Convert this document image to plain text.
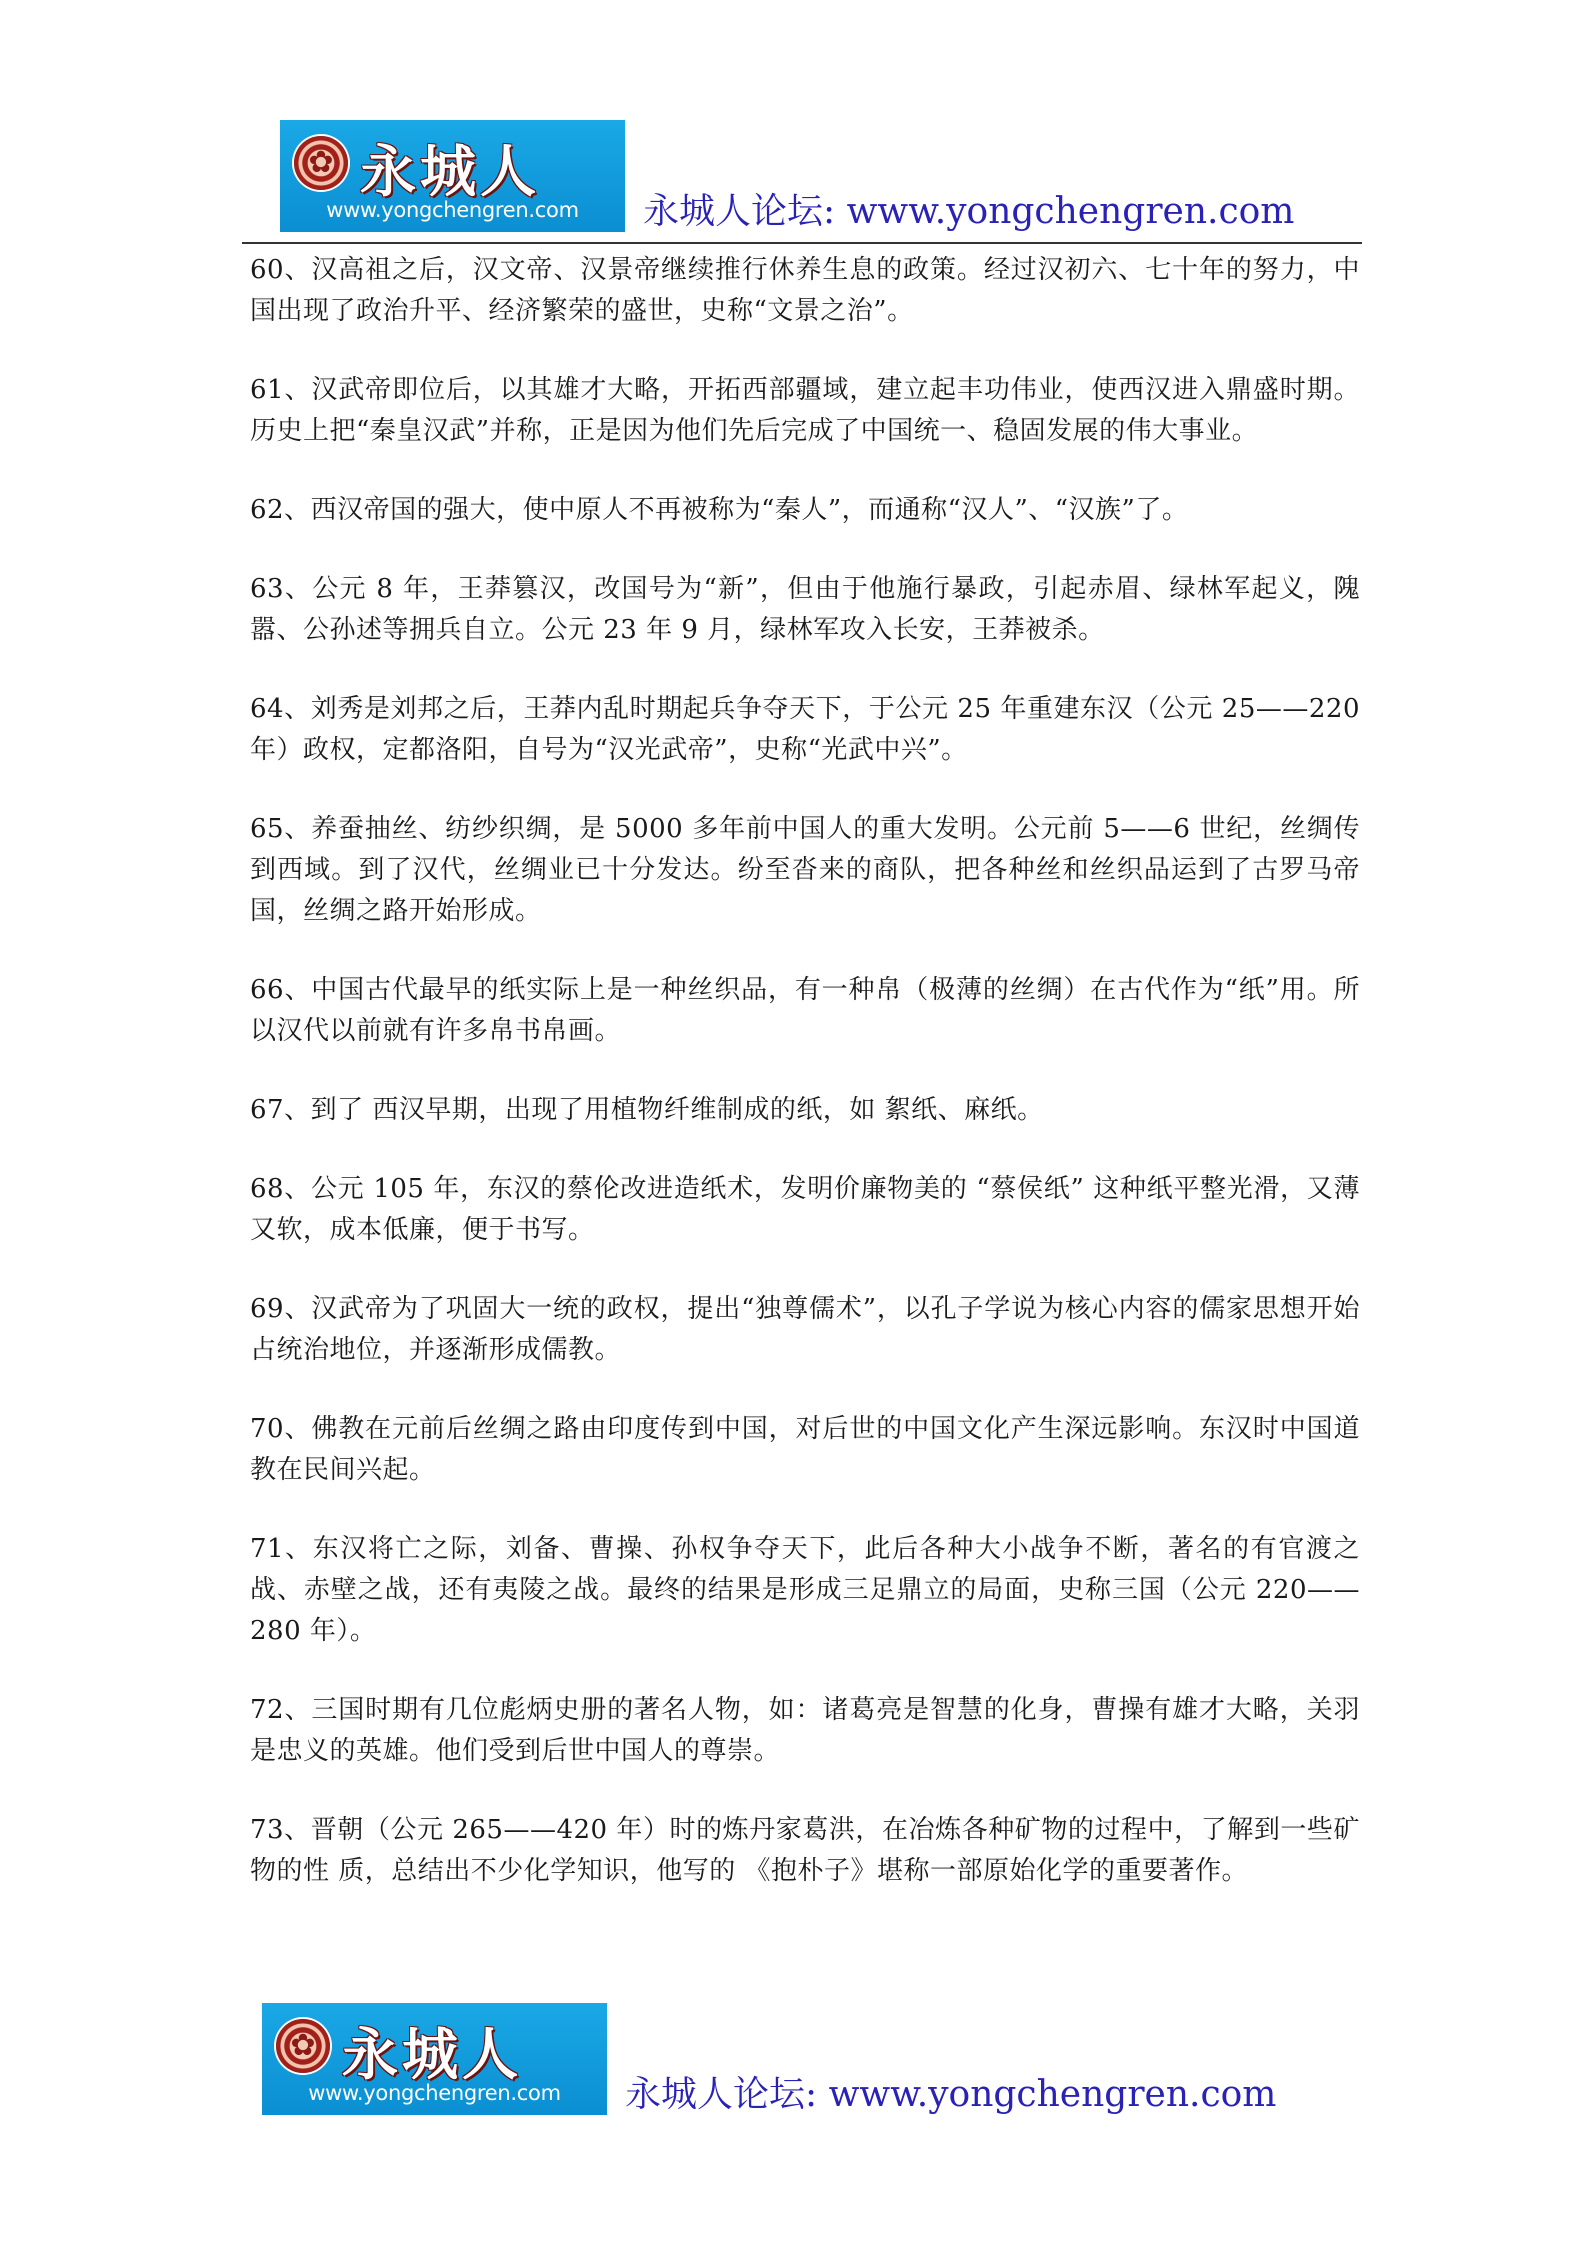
✿
永城人
www.yongchengren.com	永城人论坛: www.yongchengren.com

60、汉高祖之后，汉文帝、汉景帝继续推行休养生息的政策。经过汉初六、七十年的努力，中国出现了政治升平、经济繁荣的盛世，史称“文景之治”。

61、汉武帝即位后，以其雄才大略，开拓西部疆域，建立起丰功伟业，使西汉进入鼎盛时期。 历史上把“秦皇汉武”并称，正是因为他们先后完成了中国统一、稳固发展的伟大事业。

62、西汉帝国的强大，使中原人不再被称为“秦人”，而通称“汉人”、“汉族”了。

63、公元 8 年，王莽篡汉，改国号为“新”，但由于他施行暴政，引起赤眉、绿林军起义，隗嚣、公孙述等拥兵自立。公元 23 年 9 月，绿林军攻入长安，王莽被杀。

64、刘秀是刘邦之后，王莽内乱时期起兵争夺天下，于公元 25 年重建东汉（公元 25——220 年）政权，定都洛阳，自号为“汉光武帝”，史称“光武中兴”。

65、养蚕抽丝、纺纱织绸，是 5000 多年前中国人的重大发明。公元前 5——6 世纪，丝绸传到西域。到了汉代，丝绸业已十分发达。纷至沓来的商队，把各种丝和丝织品运到了古罗马帝国，丝绸之路开始形成。

66、中国古代最早的纸实际上是一种丝织品，有一种帛（极薄的丝绸）在古代作为“纸”用。所以汉代以前就有许多帛书帛画。

67、到了 西汉早期，出现了用植物纤维制成的纸，如 絮纸、麻纸。

68、公元 105 年，东汉的蔡伦改进造纸术，发明价廉物美的 “蔡侯纸” 这种纸平整光滑，又薄又软，成本低廉，便于书写。

69、汉武帝为了巩固大一统的政权，提出“独尊儒术”，以孔子学说为核心内容的儒家思想开始占统治地位，并逐渐形成儒教。

70、佛教在元前后丝绸之路由印度传到中国，对后世的中国文化产生深远影响。东汉时中国道教在民间兴起。

71、东汉将亡之际，刘备、曹操、孙权争夺天下，此后各种大小战争不断，著名的有官渡之战、赤壁之战，还有夷陵之战。最终的结果是形成三足鼎立的局面，史称三国（公元 220——280 年）。

72、三国时期有几位彪炳史册的著名人物，如：诸葛亮是智慧的化身，曹操有雄才大略，关羽是忠义的英雄。他们受到后世中国人的尊崇。

73、晋朝（公元 265——420 年）时的炼丹家葛洪，在冶炼各种矿物的过程中，了解到一些矿物的性 质，总结出不少化学知识，他写的 《抱朴子》堪称一部原始化学的重要著作。

✿
永城人
www.yongchengren.com	永城人论坛: www.yongchengren.com
